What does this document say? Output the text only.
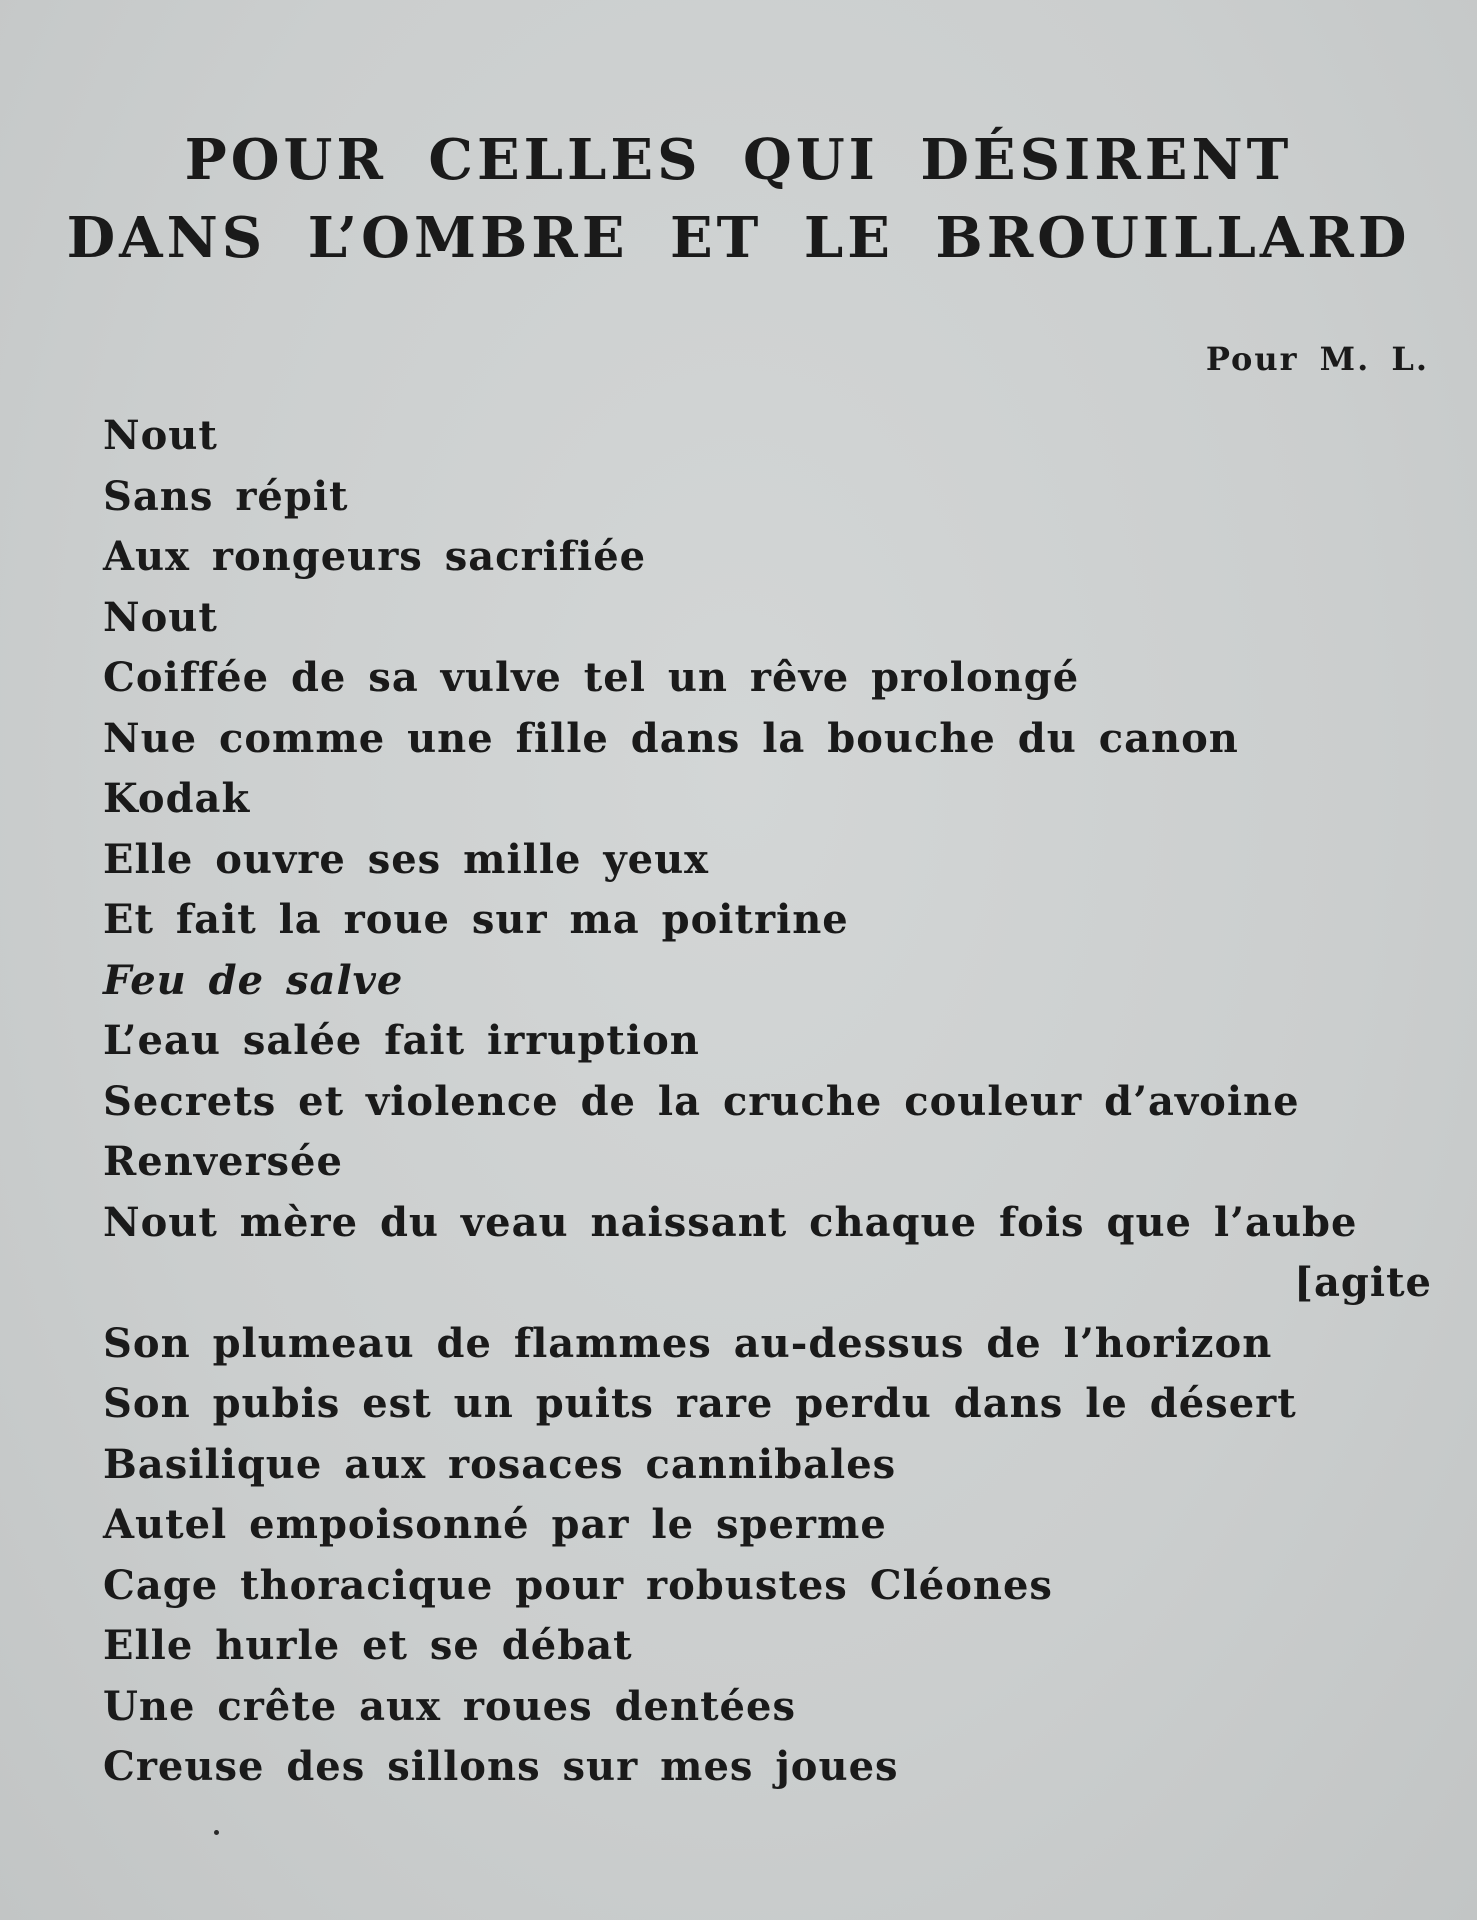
POUR CELLES QUI DÉSIRENT
DANS L’OMBRE ET LE BROUILLARD
Pour M. L.
Nout
Sans répit
Aux rongeurs sacrifiée
Nout
Coiffée de sa vulve tel un rêve prolongé
Nue comme une fille dans la bouche du canon
Kodak
Elle ouvre ses mille yeux
Et fait la roue sur ma poitrine
Feu de salve
L’eau salée fait irruption
Secrets et violence de la cruche couleur d’avoine
Renversée
Nout mère du veau naissant chaque fois que l’aube
[agite
Son plumeau de flammes au-dessus de l’horizon
Son pubis est un puits rare perdu dans le désert
Basilique aux rosaces cannibales
Autel empoisonné par le sperme
Cage thoracique pour robustes Cléones
Elle hurle et se débat
Une crête aux roues dentées
Creuse des sillons sur mes joues
